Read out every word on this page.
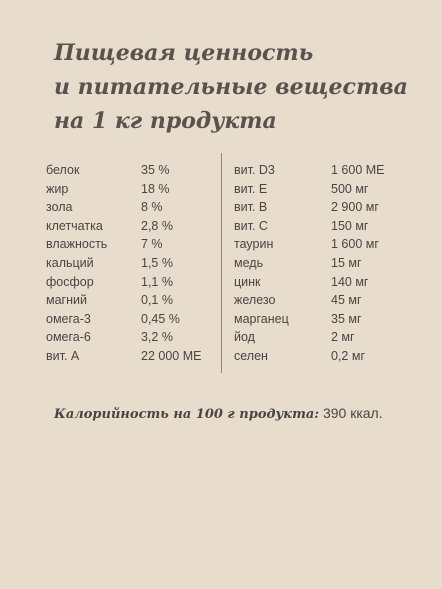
Пищевая ценность
и питательные вещества
на 1 кг продукта
белок	35 %
жир	18 %
зола	8 %
клетчатка	2,8 %
влажность	7 %
кальций	1,5 %
фосфор	1,1 %
магний	0,1 %
омега-3	0,45 %
омега-6	3,2 %
вит. А	22 000 МЕ
вит. D3	1 600 МЕ
вит. Е	500 мг
вит. В	2 900 мг
вит. С	150 мг
таурин	1 600 мг
медь	15 мг
цинк	140 мг
железо	45 мг
марганец	35 мг
йод	2 мг
селен	0,2 мг
Калорийность на 100 г продукта: 390 ккал.
